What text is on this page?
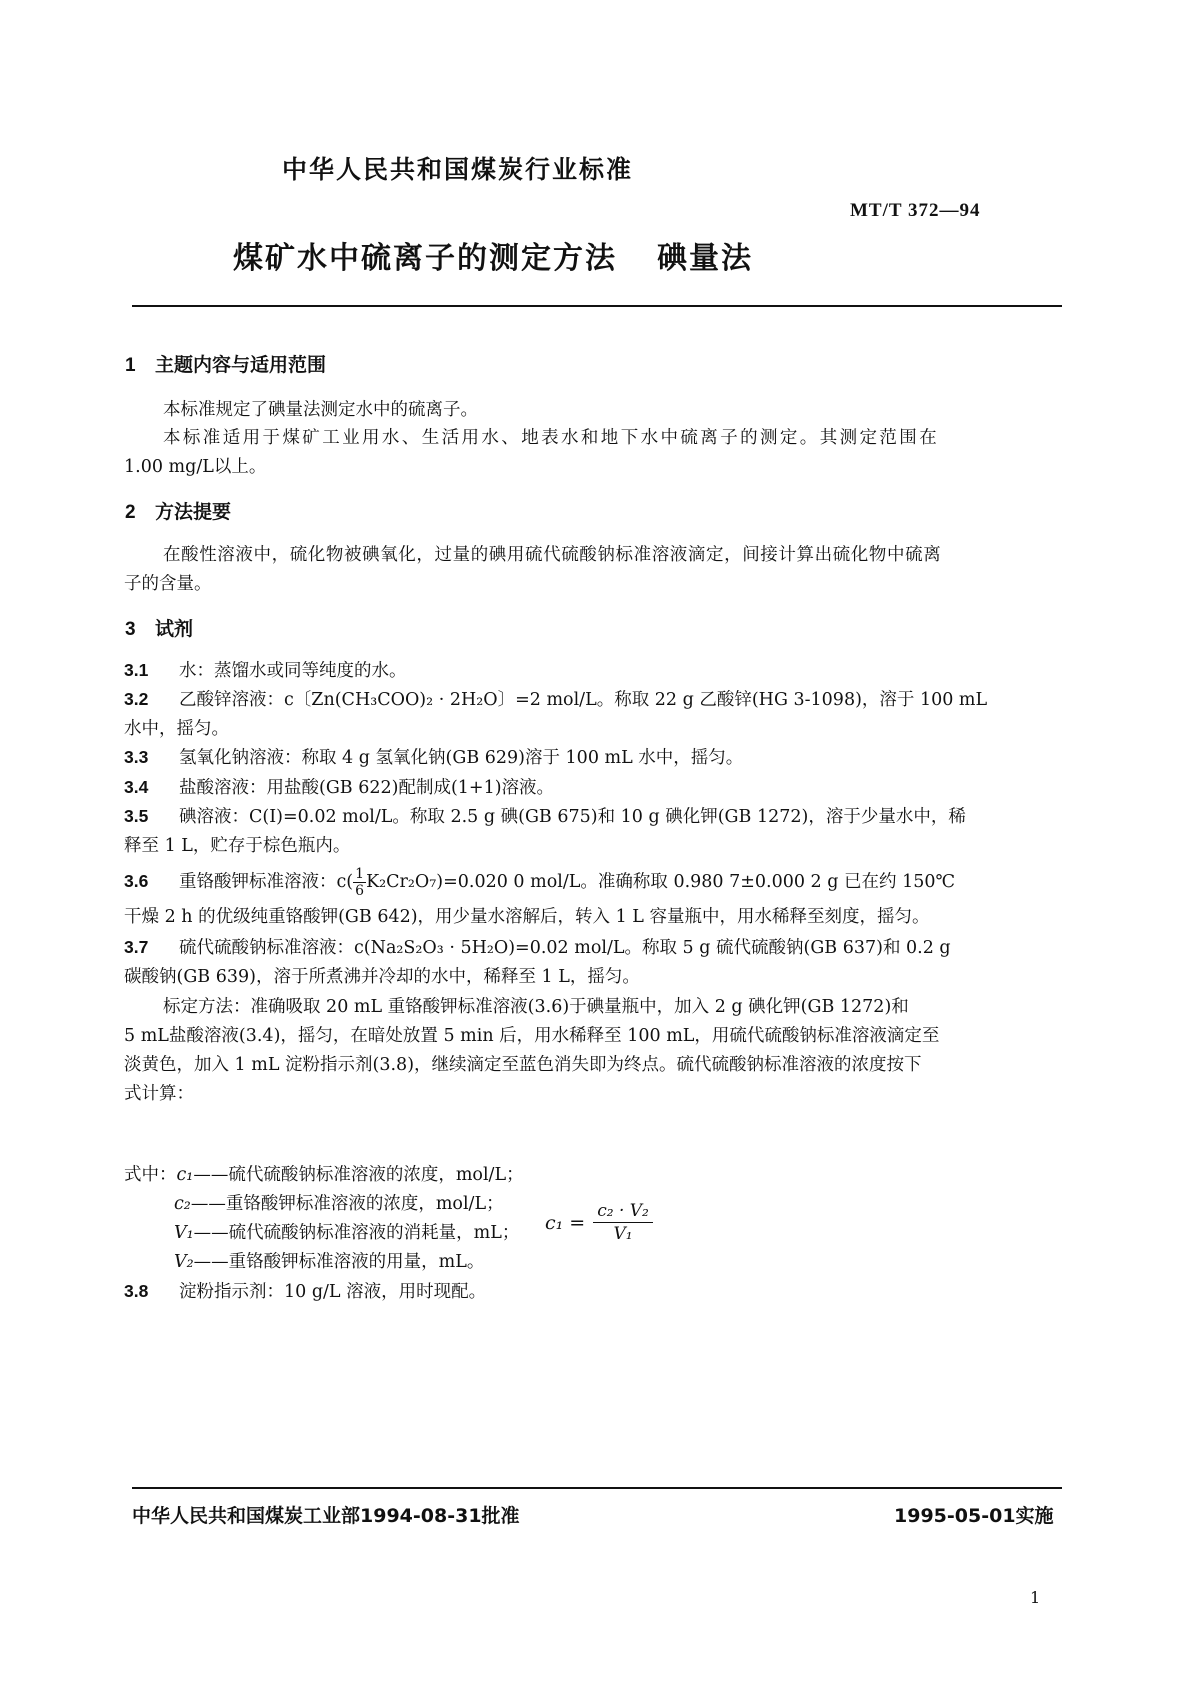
中华人民共和国煤炭行业标准
MT/T 372—94
煤矿水中硫离子的测定方法 碘量法
1 主题内容与适用范围
本标准规定了碘量法测定水中的硫离子。
本标准适用于煤矿工业用水、生活用水、地表水和地下水中硫离子的测定。其测定范围在
1.00 mg/L以上。
2 方法提要
在酸性溶液中，硫化物被碘氧化，过量的碘用硫代硫酸钠标准溶液滴定，间接计算出硫化物中硫离
子的含量。
3 试剂
3.1 水：蒸馏水或同等纯度的水。
3.2 乙酸锌溶液：c〔Zn(CH₃COO)₂ · 2H₂O〕=2 mol/L。称取 22 g 乙酸锌(HG 3-1098)，溶于 100 mL
水中，摇匀。
3.3 氢氧化钠溶液：称取 4 g 氢氧化钠(GB 629)溶于 100 mL 水中，摇匀。
3.4 盐酸溶液：用盐酸(GB 622)配制成(1+1)溶液。
3.5 碘溶液：C(I)=0.02 mol/L。称取 2.5 g 碘(GB 675)和 10 g 碘化钾(GB 1272)，溶于少量水中，稀
释至 1 L，贮存于棕色瓶内。
3.6 重铬酸钾标准溶液：$c( \frac{1}{6} K_2Cr_2O_7)=0.020$ 0 mol/L。准确称取 0.980 7±0.000 2 g 已在约 150℃
干燥 2 h 的优级纯重铬酸钾(GB 642)，用少量水溶解后，转入 1 L 容量瓶中，用水稀释至刻度，摇匀。
3.7 硫代硫酸钠标准溶液：c(Na₂S₂O₃ · 5H₂O)=0.02 mol/L。称取 5 g 硫代硫酸钠(GB 637)和 0.2 g
碳酸钠(GB 639)，溶于所煮沸并冷却的水中，稀释至 1 L，摇匀。
标定方法：准确吸取 20 mL 重铬酸钾标准溶液(3.6)于碘量瓶中，加入 2 g 碘化钾(GB 1272)和
5 mL盐酸溶液(3.4)，摇匀，在暗处放置 5 min 后，用水稀释至 100 mL，用硫代硫酸钠标准溶液滴定至
淡黄色，加入 1 mL 淀粉指示剂(3.8)，继续滴定至蓝色消失即为终点。硫代硫酸钠标准溶液的浓度按下
式计算：
$c_1 = \frac{\text{c₂ · V₂}}{\text{V₁}}$
式中：c₁——硫代硫酸钠标准溶液的浓度，mol/L；
c₂——重铬酸钾标准溶液的浓度，mol/L；
V₁——硫代硫酸钠标准溶液的消耗量，mL；
V₂——重铬酸钾标准溶液的用量，mL。
3.8 淀粉指示剂：10 g/L 溶液，用时现配。
中华人民共和国煤炭工业部1994-08-31批准	1995-05-01实施
1
